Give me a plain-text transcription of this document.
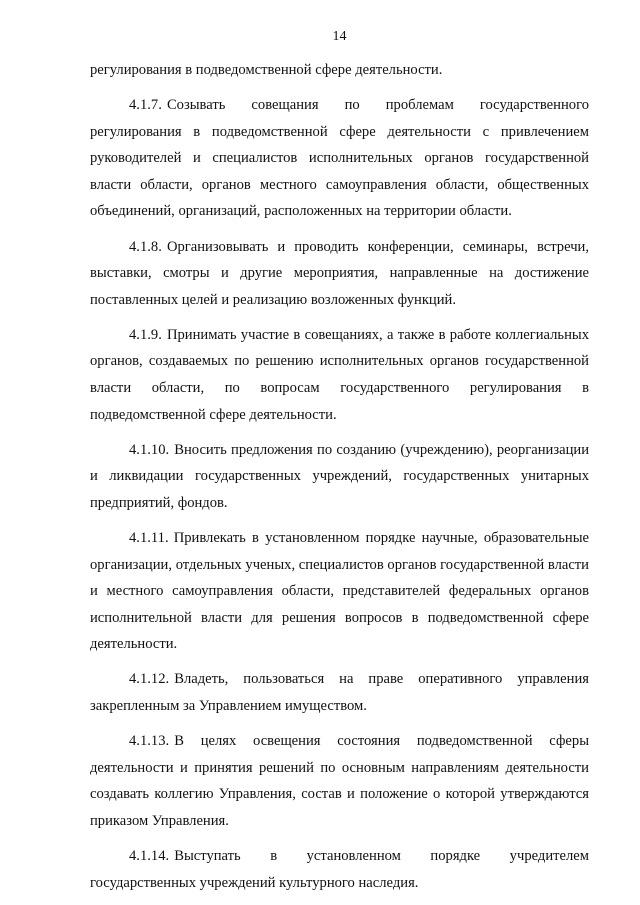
14

регулирования в подведомственной сфере деятельности.

4.1.7. Созывать совещания по проблемам государственного регулирования в подведомственной сфере деятельности с привлечением руководителей и специалистов исполнительных органов государственной власти области, органов местного самоуправления области, общественных объединений, организаций, расположенных на территории области.

4.1.8. Организовывать и проводить конференции, семинары, встречи, выставки, смотры и другие мероприятия, направленные на достижение поставленных целей и реализацию возложенных функций.

4.1.9. Принимать участие в совещаниях, а также в работе коллегиальных органов, создаваемых по решению исполнительных органов государственной власти области, по вопросам государственного регулирования в подведомственной сфере деятельности.

4.1.10. Вносить предложения по созданию (учреждению), реорганизации и ликвидации государственных учреждений, государственных унитарных предприятий, фондов.

4.1.11. Привлекать в установленном порядке научные, образовательные организации, отдельных ученых, специалистов органов государственной власти и местного самоуправления области, представителей федеральных органов исполнительной власти для решения вопросов в подведомственной сфере деятельности.

4.1.12. Владеть, пользоваться на праве оперативного управления закрепленным за Управлением имуществом.

4.1.13. В целях освещения состояния подведомственной сферы деятельности и принятия решений по основным направлениям деятельности создавать коллегию Управления, состав и положение о которой утверждаются приказом Управления.

4.1.14. Выступать в установленном порядке учредителем государственных учреждений культурного наследия.
